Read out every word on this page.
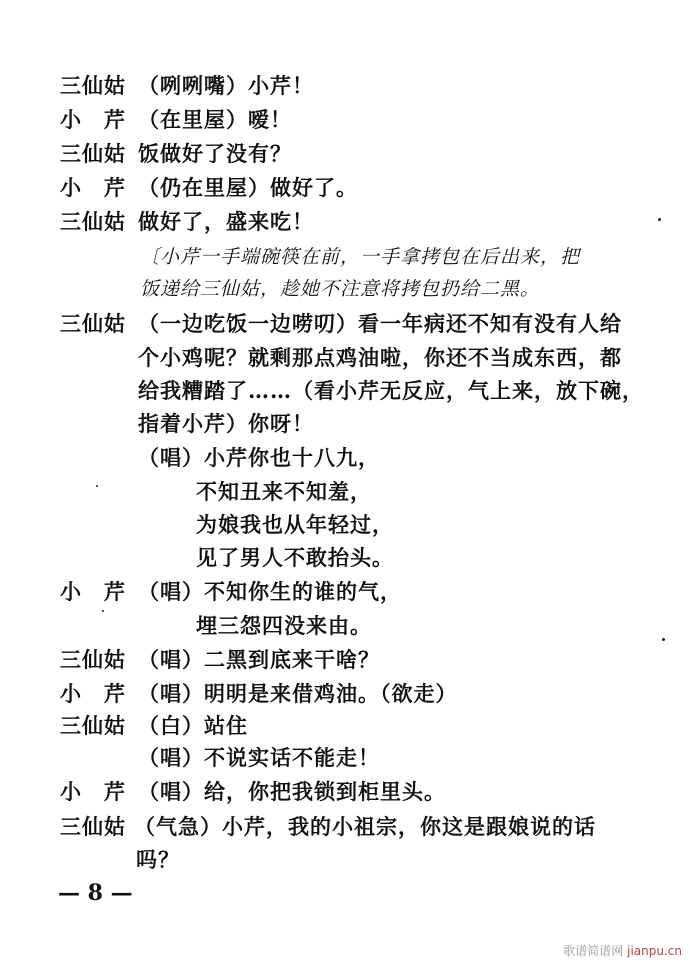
三仙姑 （咧咧嘴）小芹！
小　芹 （在里屋）嗳！
三仙姑 饭做好了没有？
小　芹 （仍在里屋）做好了。
三仙姑 做好了，盛来吃！
〔小芹一手端碗筷在前，一手拿拷包在后出来，把
饭递给三仙姑，趁她不注意将拷包扔给二黑。
三仙姑 （一边吃饭一边唠叨）看一年病还不知有没有人给
个小鸡呢？就剩那点鸡油啦，你还不当成东西，都
给我糟踏了……（看小芹无反应，气上来，放下碗，
指着小芹）你呀！
（唱）小芹你也十八九，
不知丑来不知羞，
为娘我也从年轻过，
见了男人不敢抬头。
小　芹 （唱）不知你生的谁的气，
埋三怨四没来由。
三仙姑 （唱）二黑到底来干啥？
小　芹 （唱）明明是来借鸡油。（欲走）
三仙姑 （白）站住
（唱）不说实话不能走！
小　芹 （唱）给，你把我锁到柜里头。
三仙姑 （气急）小芹，我的小祖宗，你这是跟娘说的话
吗？
— 8 —
歌谱简谱网 jianpu.cn
